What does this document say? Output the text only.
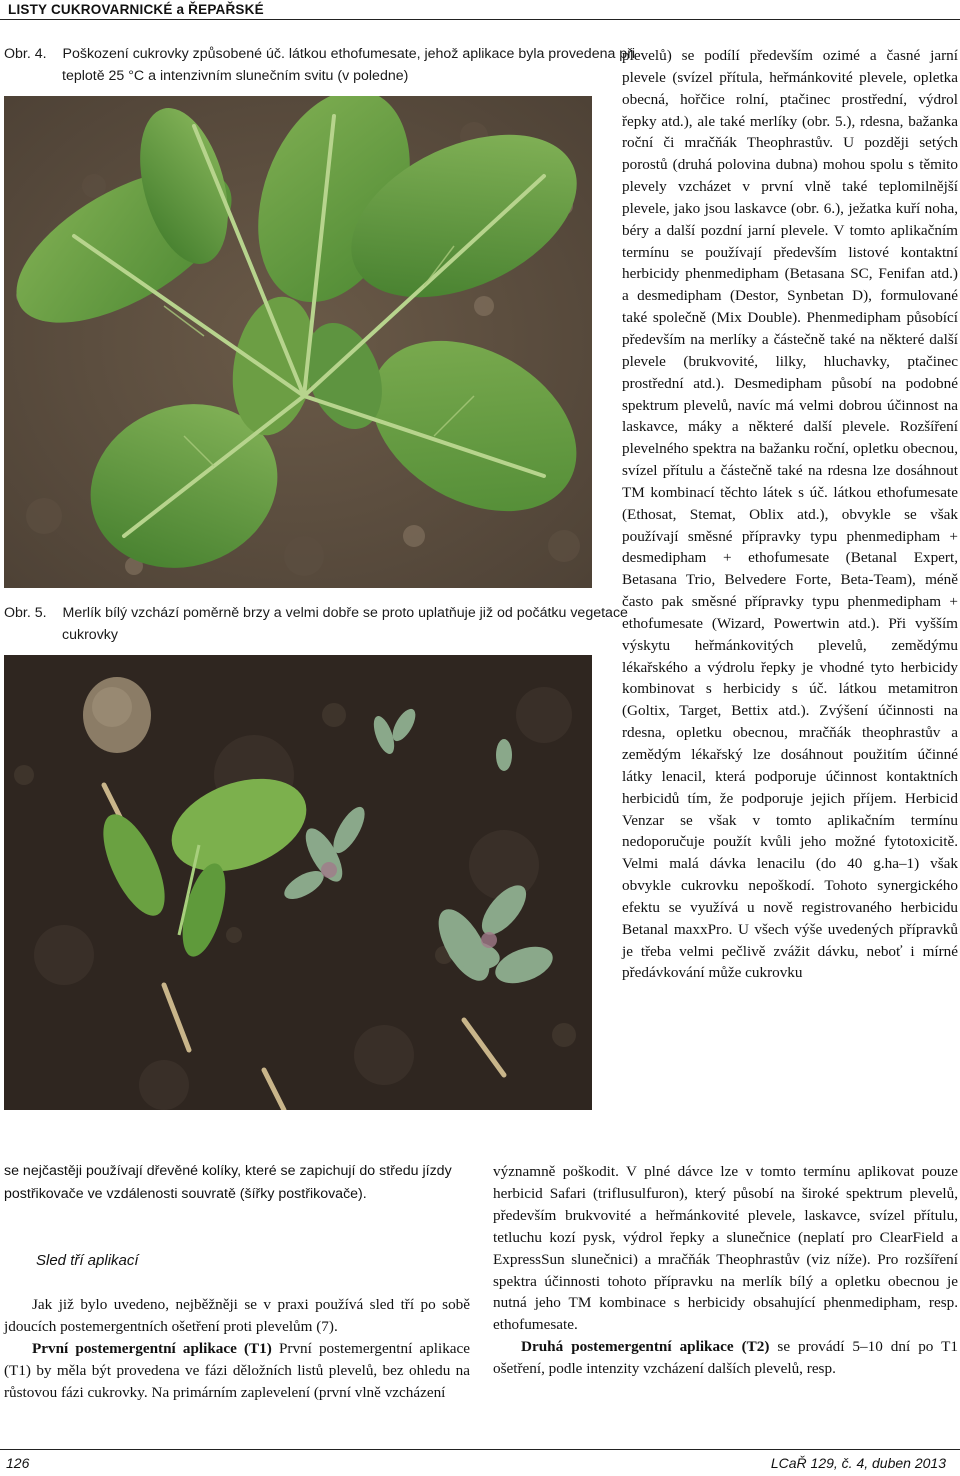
LISTY CUKROVARNICKÉ a ŘEPAŘSKÉ
Obr. 4. Poškození cukrovky způsobené úč. látkou ethofumesate, jehož aplikace byla provedena při teplotě 25 °C a intenzivním slunečním svitu (v poledne)
Obr. 5. Merlík bílý vzchází poměrně brzy a velmi dobře se proto uplatňuje již od počátku vegetace cukrovky

plevelů) se podílí především ozimé a časné jarní plevele (svízel přítula, heřmánkovité plevele, opletka obecná, hořčice rolní, ptačinec prostřední, výdrol řepky atd.), ale také merlíky (obr. 5.), rdesna, bažanka roční či mračňák Theophrastův. U později setých porostů (druhá polovina dubna) mohou spolu s těmito plevely vzcházet v první vlně také teplomilnější plevele, jako jsou laskavce (obr. 6.), ježatka kuří noha, béry a další pozdní jarní plevele. V tomto aplikačním termínu se používají především listové kontaktní herbicidy phenmedipham (Betasana SC, Fenifan atd.) a desmedipham (Destor, Synbetan D), formulované také společně (Mix Double). Phenmedipham působící především na merlíky a částečně také na některé další plevele (brukvovité, lilky, hluchavky, ptačinec prostřední atd.). Desmedipham působí na podobné spektrum plevelů, navíc má velmi dobrou účinnost na laskavce, máky a některé další plevele. Rozšíření plevelného spektra na bažanku roční, opletku obecnou, svízel přítulu a částečně také na rdesna lze dosáhnout TM kombinací těchto látek s úč. látkou ethofumesate (Ethosat, Stemat, Oblix atd.), obvykle se však používají směsné přípravky typu phenmedipham + desmedipham + ethofumesate (Betanal Expert, Betasana Trio, Belvedere Forte, Beta-Team), méně často pak směsné přípravky typu phenmedipham + ethofumesate (Wizard, Powertwin atd.). Při vyšším výskytu heřmánkovitých plevelů, zemědýmu lékařského a výdrolu řepky je vhodné tyto herbicidy kombinovat s herbicidy s úč. látkou metamitron (Goltix, Target, Bettix atd.). Zvýšení účinnosti na rdesna, opletku obecnou, mračňák theophrastův a zemědým lékařský lze dosáhnout použitím účinné látky lenacil, která podporuje účinnost kontaktních herbicidů tím, že podporuje jejich příjem. Herbicid Venzar se však v tomto aplikačním termínu nedoporučuje použít kvůli jeho možné fytotoxicitě. Velmi malá dávka lenacilu (do 40 g.ha–1) však obvykle cukrovku nepoškodí. Tohoto synergického efektu se využívá u nově registrovaného herbicidu Betanal maxxPro. U všech výše uvedených přípravků je třeba velmi pečlivě zvážit dávku, neboť i mírné předávkování může cukrovku

se nejčastěji používají dřevěné kolíky, které se zapichují do středu jízdy postřikovače ve vzdálenosti souvratě (šířky postřikovače).
Sled tří aplikací

Jak již bylo uvedeno, nejběžněji se v praxi používá sled tří po sobě jdoucích postemergentních ošetření proti plevelům (7).

První postemergentní aplikace (T1) První postemergentní aplikace (T1) by měla být provedena ve fázi děložních listů plevelů, bez ohledu na růstovou fázi cukrovky. Na primárním zaplevelení (první vlně vzcházení

významně poškodit. V plné dávce lze v tomto termínu aplikovat pouze herbicid Safari (triflusulfuron), který působí na široké spektrum plevelů, především brukvovité a heřmánkovité plevele, laskavce, svízel přítulu, tetluchu kozí pysk, výdrol řepky a slunečnice (neplatí pro ClearField a ExpressSun slunečnici) a mračňák Theophrastův (viz níže). Pro rozšíření spektra účinnosti tohoto přípravku na merlík bílý a opletku obecnou je nutná jeho TM kombinace s herbicidy obsahující phenmedipham, resp. ethofumesate.

Druhá postemergentní aplikace (T2) se provádí 5–10 dní po T1 ošetření, podle intenzity vzcházení dalších plevelů, resp.

126	LCaŘ 129, č. 4, duben 2013
